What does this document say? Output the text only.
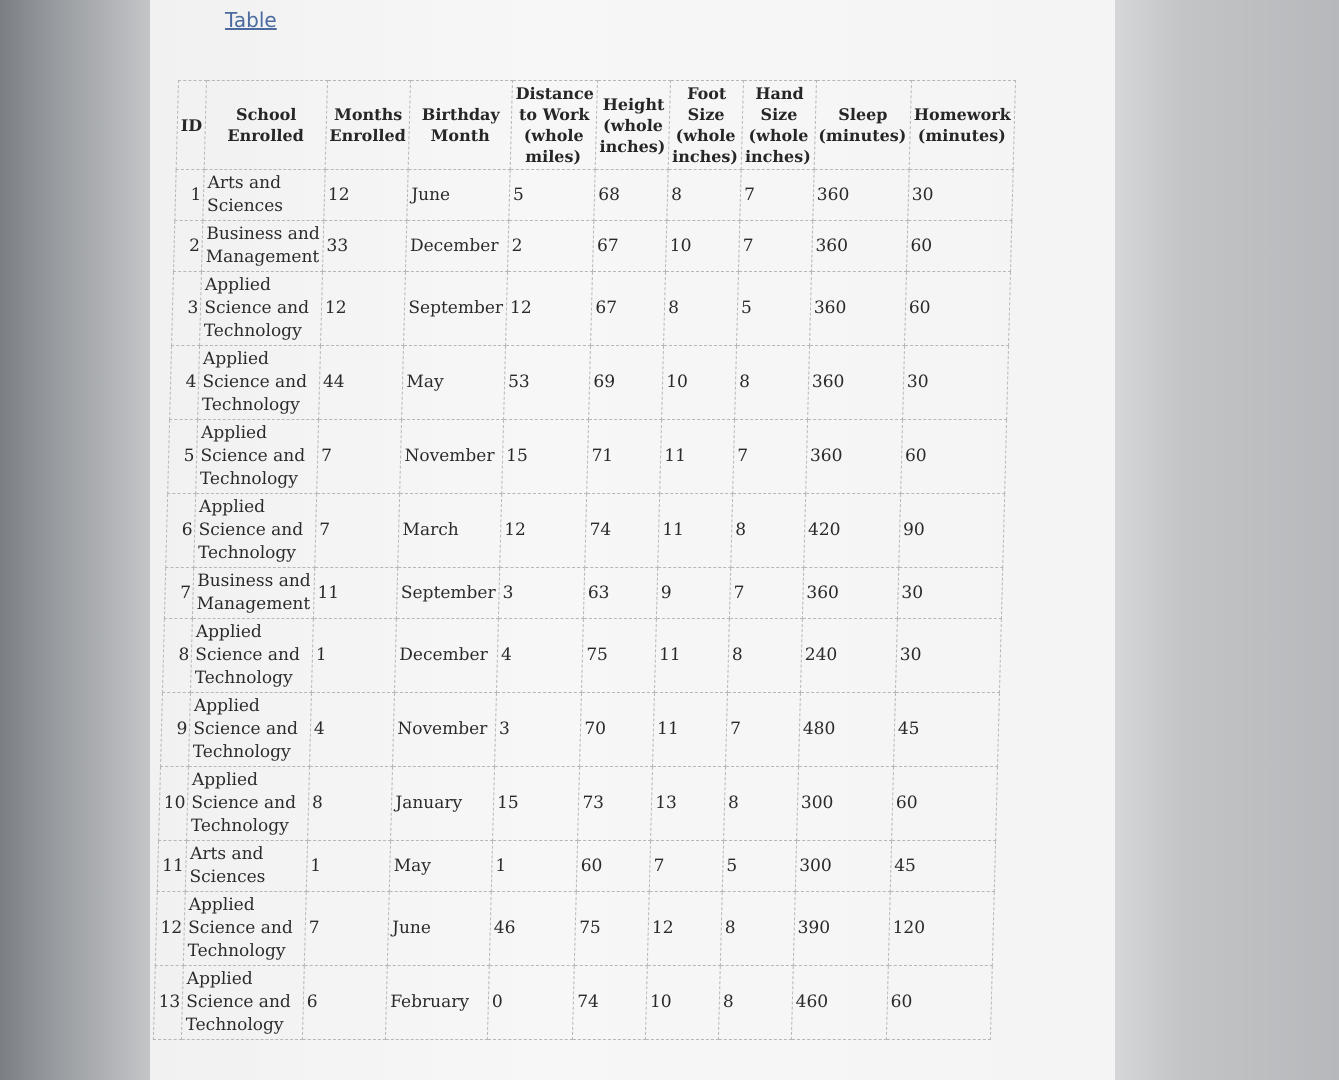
Table
ID	School Enrolled	Months Enrolled	Birthday Month	Distance to Work (whole miles)	Height (whole inches)	Foot Size (whole inches)	Hand Size (whole inches)	Sleep (minutes)	Homework (minutes)
1	Arts and Sciences	12	June	5	68	8	7	360	30
2	Business and Management	33	December	2	67	10	7	360	60
3	Applied Science and Technology	12	September	12	67	8	5	360	60
4	Applied Science and Technology	44	May	53	69	10	8	360	30
5	Applied Science and Technology	7	November	15	71	11	7	360	60
6	Applied Science and Technology	7	March	12	74	11	8	420	90
7	Business and Management	11	September	3	63	9	7	360	30
8	Applied Science and Technology	1	December	4	75	11	8	240	30
9	Applied Science and Technology	4	November	3	70	11	7	480	45
10	Applied Science and Technology	8	January	15	73	13	8	300	60
11	Arts and Sciences	1	May	1	60	7	5	300	45
12	Applied Science and Technology	7	June	46	75	12	8	390	120
13	Applied Science and Technology	6	February	0	74	10	8	460	60
